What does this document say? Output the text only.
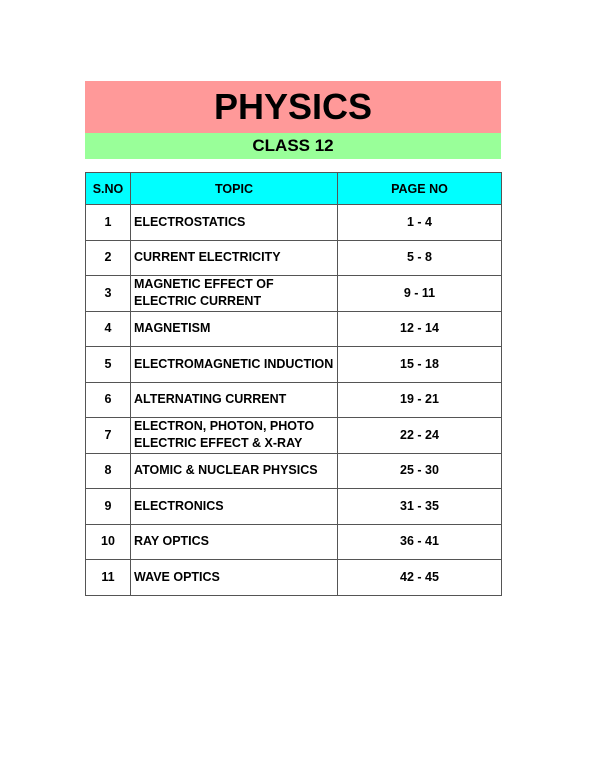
PHYSICS
CLASS 12
S.NO	TOPIC	PAGE NO
1	ELECTROSTATICS	1 - 4
2	CURRENT ELECTRICITY	5 - 8
3	MAGNETIC EFFECT OF ELECTRIC CURRENT	9 - 11
4	MAGNETISM	12 - 14
5	ELECTROMAGNETIC INDUCTION	15 - 18
6	ALTERNATING CURRENT	19 - 21
7	ELECTRON, PHOTON, PHOTO ELECTRIC EFFECT & X-RAY	22 - 24
8	ATOMIC & NUCLEAR PHYSICS	25 - 30
9	ELECTRONICS	31 - 35
10	RAY OPTICS	36 - 41
11	WAVE OPTICS	42 - 45
